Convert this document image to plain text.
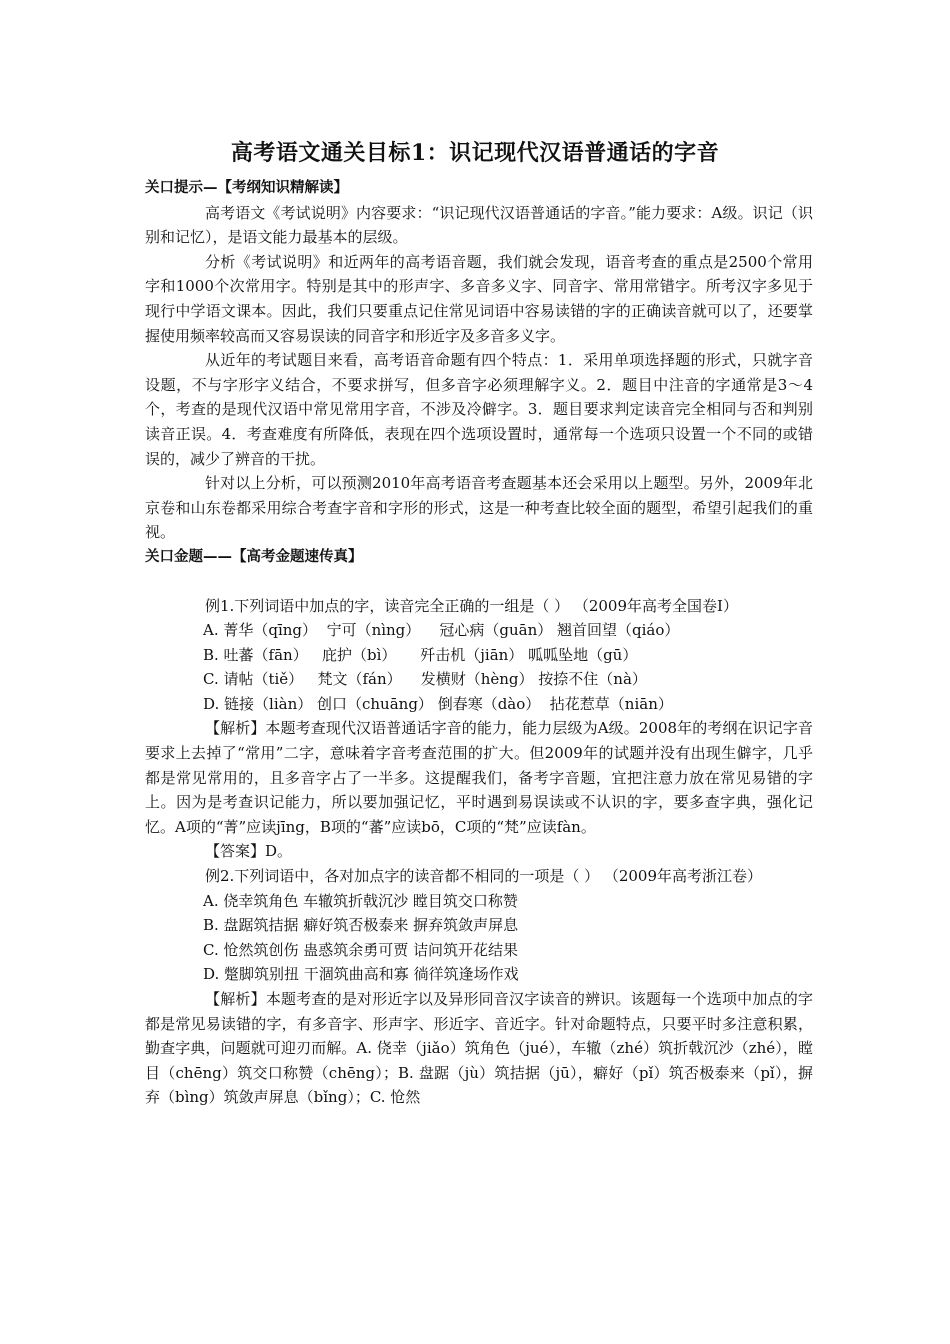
高考语文通关目标1：识记现代汉语普通话的字音

关口提示—【考纲知识精解读】

高考语文《考试说明》内容要求：“识记现代汉语普通话的字音。”能力要求：A级。识记（识别和记忆），是语文能力最基本的层级。

分析《考试说明》和近两年的高考语音题，我们就会发现，语音考查的重点是2500个常用字和1000个次常用字。特别是其中的形声字、多音多义字、同音字、常用常错字。所考汉字多见于现行中学语文课本。因此，我们只要重点记住常见词语中容易读错的字的正确读音就可以了，还要掌握使用频率较高而又容易误读的同音字和形近字及多音多义字。

从近年的考试题目来看，高考语音命题有四个特点：1．采用单项选择题的形式，只就字音设题，不与字形字义结合，不要求拼写，但多音字必须理解字义。2．题目中注音的字通常是3～4个，考查的是现代汉语中常见常用字音，不涉及冷僻字。3．题目要求判定读音完全相同与否和判别读音正误。4．考查难度有所降低，表现在四个选项设置时，通常每一个选项只设置一个不同的或错误的，减少了辨音的干扰。

针对以上分析，可以预测2010年高考语音考查题基本还会采用以上题型。另外，2009年北京卷和山东卷都采用综合考查字音和字形的形式，这是一种考查比较全面的题型，希望引起我们的重视。

关口金题——【高考金题速传真】

例1.下列词语中加点的字，读音完全正确的一组是（ ） （2009年高考全国卷Ⅰ）

A. 菁华（qīng）  宁可（nìng）    冠心病（guān） 翘首回望（qiáo）

B. 吐蕃（fān）   庇护（bì）     歼击机（jiān） 呱呱坠地（gū）

C. 请帖（tiě）   梵文（fán）    发横财（hèng） 按捺不住（nà）

D. 链接（liàn） 创口（chuāng） 倒春寒（dào）  拈花惹草（niān）

【解析】本题考查现代汉语普通话字音的能力，能力层级为A级。2008年的考纲在识记字音要求上去掉了“常用”二字，意味着字音考查范围的扩大。但2009年的试题并没有出现生僻字，几乎都是常见常用的，且多音字占了一半多。这提醒我们，备考字音题，宜把注意力放在常见易错的字上。因为是考查识记能力，所以要加强记忆，平时遇到易误读或不认识的字，要多查字典，强化记忆。A项的“菁”应读jīng，B项的“蕃”应读bō，C项的“梵”应读fàn。

【答案】D。

例2.下列词语中，各对加点字的读音都不相同的一项是（ ） （2009年高考浙江卷）

A. 侥幸筑角色 车辙筑折戟沉沙 瞠目筑交口称赞

B. 盘踞筑拮据 癖好筑否极泰来 摒弃筑敛声屏息

C. 怆然筑创伤 蛊惑筑余勇可贾 诘问筑开花结果

D. 蹩脚筑别扭 干涸筑曲高和寡 徜徉筑逢场作戏

【解析】本题考查的是对形近字以及异形同音汉字读音的辨识。该题每一个选项中加点的字都是常见易读错的字，有多音字、形声字、形近字、音近字。针对命题特点，只要平时多注意积累，勤查字典，问题就可迎刃而解。A. 侥幸（jiǎo）筑角色（jué），车辙（zhé）筑折戟沉沙（zhé），瞠目（chēng）筑交口称赞（chēng）；B. 盘踞（jù）筑拮据（jū），癖好（pǐ）筑否极泰来（pǐ），摒弃（bìng）筑敛声屏息（bǐng）；C. 怆然
